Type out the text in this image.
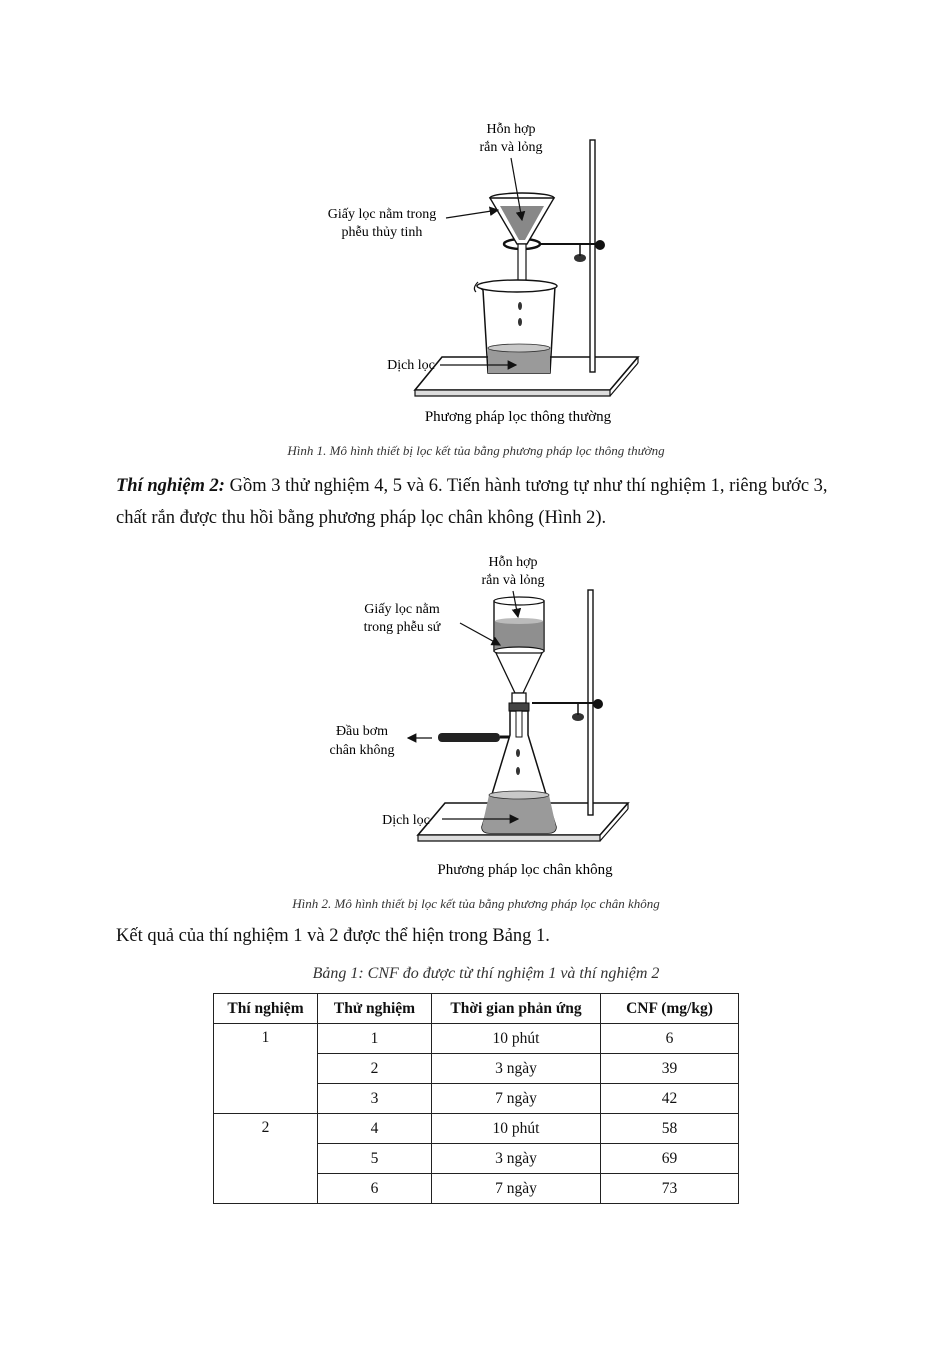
Hỗn hợp
rắn và lỏng
Giấy lọc nằm trong
phễu thủy tinh
Dịch lọc
Phương pháp lọc thông thường
Hình 1. Mô hình thiết bị lọc kết tủa bằng phương pháp lọc thông thường
Thí nghiệm 2: Gồm 3 thử nghiệm 4, 5 và 6. Tiến hành tương tự như thí nghiệm 1, riêng bước 3, chất rắn được thu hồi bằng phương pháp lọc chân không (Hình 2).
Hỗn hợp
rắn và lỏng
Giấy lọc nằm
trong phễu sứ
Đầu bơm
chân không
Dịch lọc
Phương pháp lọc chân không
Hình 2. Mô hình thiết bị lọc kết tủa bằng phương pháp lọc chân không
Kết quả của thí nghiệm 1 và 2 được thể hiện trong Bảng 1.
Bảng 1: CNF đo được từ thí nghiệm 1 và thí nghiệm 2
Thí nghiệm	Thử nghiệm	Thời gian phản ứng	CNF (mg/kg)
1	1	10 phút	6
	2	3 ngày	39
	3	7 ngày	42
2	4	10 phút	58
	5	3 ngày	69
	6	7 ngày	73
